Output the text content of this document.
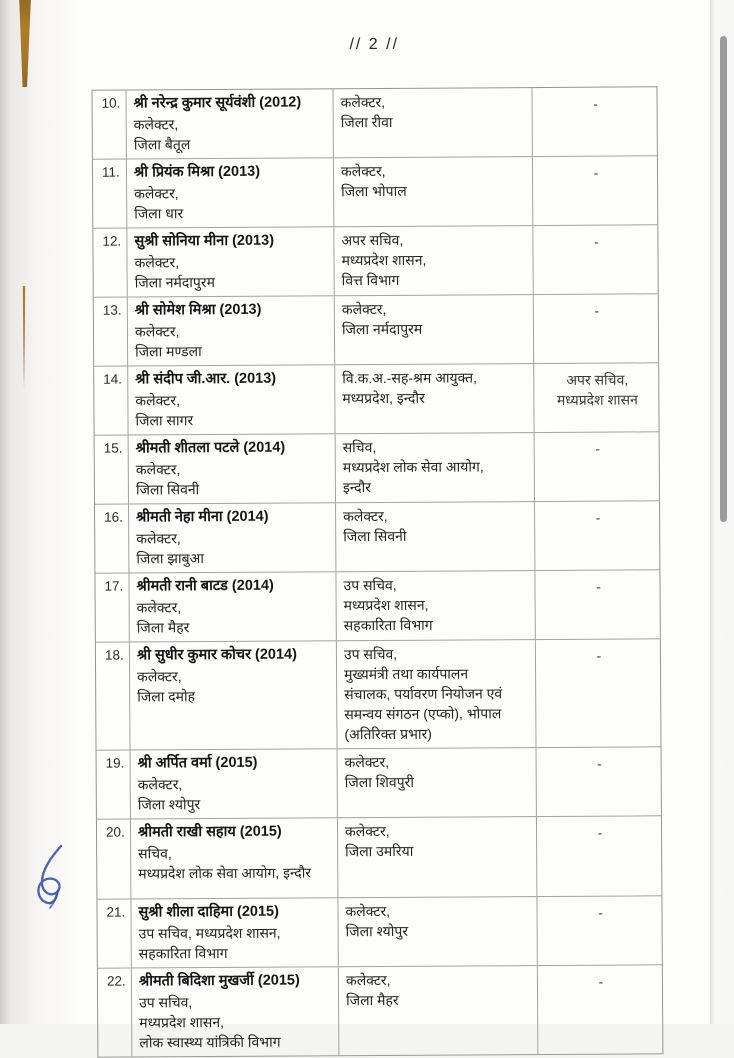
// 2 //
10. श्री नरेन्द्र कुमार सूर्यवंशी (2012)
कलेक्टर,
जिला बैतूल
कलेक्टर,
जिला रीवा
-
11. श्री प्रियंक मिश्रा (2013)
कलेक्टर,
जिला धार
कलेक्टर,
जिला भोपाल
-
12. सुश्री सोनिया मीना (2013)
कलेक्टर,
जिला नर्मदापुरम
अपर सचिव,
मध्यप्रदेश शासन,
वित्त विभाग
-
13. श्री सोमेश मिश्रा (2013)
कलेक्टर,
जिला मण्डला
कलेक्टर,
जिला नर्मदापुरम
-
14. श्री संदीप जी.आर. (2013)
कलेक्टर,
जिला सागर
वि.क.अ.-सह-श्रम आयुक्त,
मध्यप्रदेश, इन्दौर
अपर सचिव,
मध्यप्रदेश शासन
15. श्रीमती शीतला पटले (2014)
कलेक्टर,
जिला सिवनी
सचिव,
मध्यप्रदेश लोक सेवा आयोग,
इन्दौर
-
16. श्रीमती नेहा मीना (2014)
कलेक्टर,
जिला झाबुआ
कलेक्टर,
जिला सिवनी
-
17. श्रीमती रानी बाटड (2014)
कलेक्टर,
जिला मैहर
उप सचिव,
मध्यप्रदेश शासन,
सहकारिता विभाग
-
18. श्री सुधीर कुमार कोचर (2014)
कलेक्टर,
जिला दमोह
उप सचिव,
मुख्यमंत्री तथा कार्यपालन
संचालक, पर्यावरण नियोजन एवं
समन्वय संगठन (एप्को), भोपाल
(अतिरिक्त प्रभार)
-
19. श्री अर्पित वर्मा (2015)
कलेक्टर,
जिला श्योपुर
कलेक्टर,
जिला शिवपुरी
-
20. श्रीमती राखी सहाय (2015)
सचिव,
मध्यप्रदेश लोक सेवा आयोग, इन्दौर
कलेक्टर,
जिला उमरिया
-
21. सुश्री शीला दाहिमा (2015)
उप सचिव, मध्यप्रदेश शासन,
सहकारिता विभाग
कलेक्टर,
जिला श्योपुर
-
22. श्रीमती बिदिशा मुखर्जी (2015)
उप सचिव,
मध्यप्रदेश शासन,
लोक स्वास्थ्य यांत्रिकी विभाग
कलेक्टर,
जिला मैहर
-
